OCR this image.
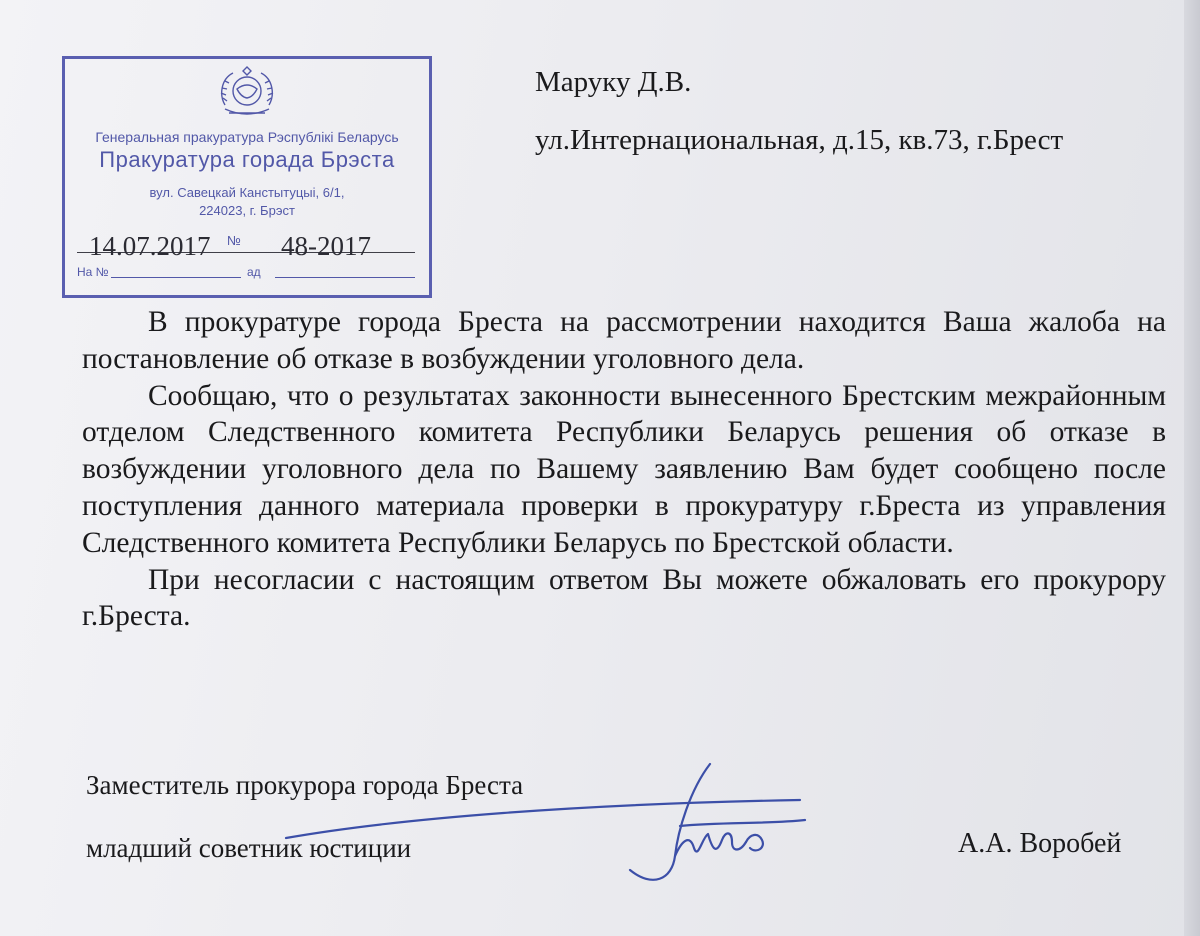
Генеральная пракуратура Рэспублікі Беларусь
Пракуратура горада Брэста
вул. Савецкай Канстытуцыі, 6/1,
224023, г. Брэст
14.07.2017 № 48-2017
На №	ад
Маруку Д.В.
ул.Интернациональная, д.15, кв.73, г.Брест

В прокуратуре города Бреста на рассмотрении находится Ваша жалоба на постановление об отказе в возбуждении уголовного дела.

Сообщаю, что о результатах законности вынесенного Брестским межрайонным отделом Следственного комитета Республики Беларусь решения об отказе в возбуждении уголовного дела по Вашему заявлению Вам будет сообщено после поступления данного материала проверки в прокуратуру г.Бреста из управления Следственного комитета Республики Беларусь по Брестской области.

При несогласии с настоящим ответом Вы можете обжаловать его прокурору г.Бреста.

Заместитель прокурора города Бреста
младший советник юстиции	А.А. Воробей
